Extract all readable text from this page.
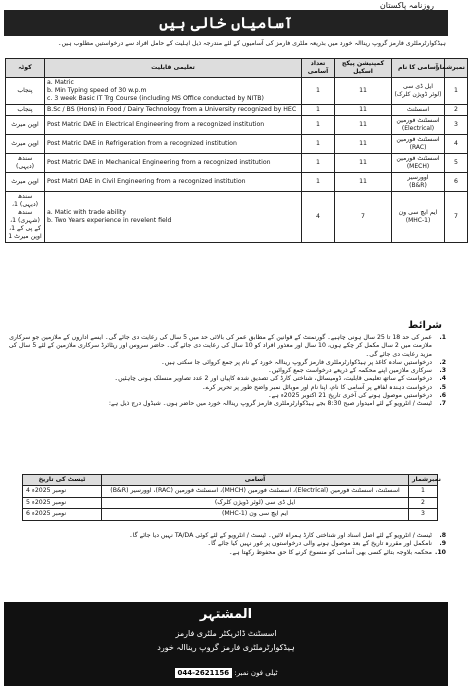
روزنامہ پاکستان
آسامیاں خالی ہیں
ہیڈکوارٹرملٹری فارمز گروپ ریناالہ خورد میں بذریعہ ملٹری فارمز کی آسامیوں کے لئے مندرجہ ذیل اہلیت کے حامل افراد سے درخواستیں مطلوب ہیں۔
کوٹہ	تعلیمی قابلیت	تعداد آسامی	کمپنیشن پیکج اسکیل	آسامی کا نام	نمبرشمار
پنجاب	a. Matric
b. Min Typing speed of 30 w.p.m
c. 3 week Basic IT Trg Course (including MS Office conducted by NITB)	1	11	ایل ڈی سی
(لوئر ڈویژن کلرک)	1
پنجاب	B.Sc / BS (Hons) in Food / Dairy Technology from a University recognized by HEC	1	11	اسسٹنٹ	2
اوپن میرٹ	Post Matric DAE in Electrical Engineering from a recognized institution	1	11	اسسٹنٹ فورمین
(Electrical)	3
اوپن میرٹ	Post Matric DAE in Refrigeration from a recognized institution	1	11	اسسٹنٹ فورمین
(RAC)	4
سندھ (دیہی)	Post Matric DAE in Mechanical Engineering from a recognized institution	1	11	اسسٹنٹ فورمین
(MECH)	5
اوپن میرٹ	Post Matri DAE in Civil Engineering from a recognized institution	1	11	اوورسیر
(B&R)	6
سندھ (دیہی) 1، سندھ (شہری) 1، کے پی کے 1، اوپن میرٹ 1	a. Matic with trade ability
b. Two Years experience in revelent field	4	7	ایم ایچ سی ون
(MHC-1)	7
شرائط
1.
عمر کی حد 18 تا 25 سال ہونی چاہیے۔ گورنمنٹ کے قوانین کے مطابق عمر کی بالائی حد میں 5 سال کی رعایت دی جائے گی۔ ایسے اداروں کے ملازمین جو سرکاری ملازمت میں 2 سال مکمل کر چکے ہوں، 10 سال اور معذور افراد کو 10 سال کی رعایت دی جائے گی۔ حاضر سروس اور ریٹائرڈ سرکاری ملازمین کے لئے 5 سال کی مزید رعایت دی جائے گی۔
2.
درخواستیں سادہ کاغذ پر ہیڈکوارٹرملٹری فارمز گروپ ریناالہ خورد کے نام پر جمع کروائی جا سکتی ہیں۔
3.
سرکاری ملازمین اپنے محکمہ کے ذریعے درخواست جمع کروائیں۔
4.
درخواست کے ساتھ تعلیمی قابلیت، ڈومیسائل، شناختی کارڈ کی تصدیق شدہ کاپیاں اور 2 عدد تصاویر منسلک ہونی چاہئیں۔
5.
درخواست دہندہ لفافے پر آسامی کا نام، اپنا نام اور موبائل نمبر واضح طور پر تحریر کرے۔
6.
درخواستیں موصول ہونے کی آخری تاریخ 21 اکتوبر 2025ء ہے۔
7.
ٹیسٹ / انٹرویو کے لئے امیدوار صبح 8:30 بجے ہیڈکوارٹرملٹری فارمز گروپ ریناالہ خورد میں حاضر ہوں۔ شیڈول درج ذیل ہے:
ٹیسٹ کی تاریخ	آسامی	نمبرشمار
4 نومبر 2025ء	اسسٹنٹ، اسسٹنٹ فورمین (Electrical)، اسسٹنٹ فورمین (MHCH)، اسسٹنٹ فورمین (RAC)، اوورسیر (B&R)	1
5 نومبر 2025ء	ایل ڈی سی (لوئر ڈویژن کلرک)	2
6 نومبر 2025ء	ایم ایچ سی ون (MHC-1)	3
8.
ٹیسٹ / انٹرویو کے لئے اصل اسناد اور شناختی کارڈ ہمراہ لائیں۔ ٹیسٹ / انٹرویو کے لئے کوئی TA/DA نہیں دیا جائے گا۔
9.
نامکمل اور مقررہ تاریخ کے بعد موصول ہونے والی درخواستوں پر غور نہیں کیا جائے گا۔
10.
محکمہ بلاوجہ بتائے کسی بھی آسامی کو منسوخ کرنے کا حق محفوظ رکھتا ہے۔
المشتہر
اسسٹنٹ ڈائریکٹر ملٹری فارمز
ہیڈکوارٹرملٹری فارمز گروپ ریناالہ خورد
ٹیلی فون نمبر: 044-2621156
